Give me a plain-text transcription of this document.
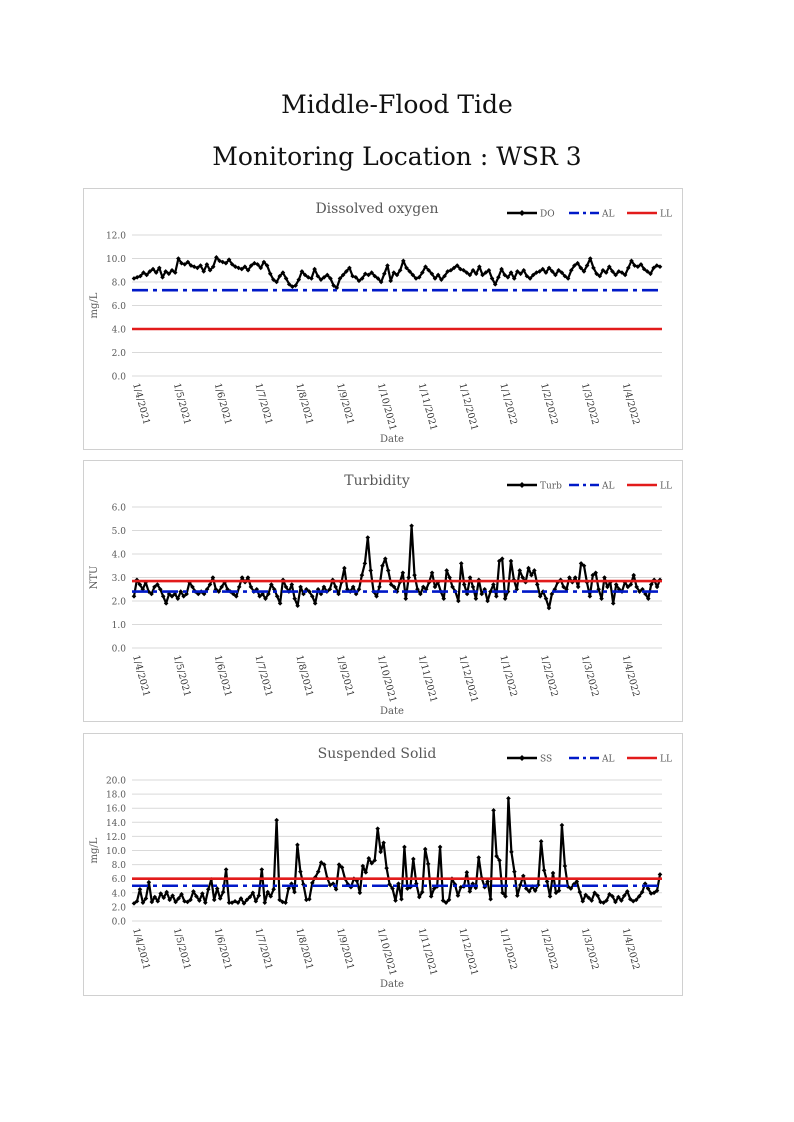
Middle-Flood Tide
Monitoring Location : WSR 3
Dissolved oxygen
0.0
2.0
4.0
6.0
8.0
10.0
12.0
mg/L
1/4/2021 1/5/2021 1/6/2021 1/7/2021 1/8/2021 1/9/2021 1/10/2021 1/11/2021 1/12/2021 1/1/2022 1/2/2022 1/3/2022 1/4/2022
Date
DO	AL	LL
Turbidity
0.0
1.0
2.0
3.0
4.0
5.0
6.0
NTU
1/4/2021 1/5/2021 1/6/2021 1/7/2021 1/8/2021 1/9/2021 1/10/2021 1/11/2021 1/12/2021 1/1/2022 1/2/2022 1/3/2022 1/4/2022
Date
Turb	AL	LL
Suspended Solid
0.0
2.0
4.0
6.0
8.0
10.0
12.0
14.0
16.0
18.0
20.0
mg/L
1/4/2021 1/5/2021 1/6/2021 1/7/2021 1/8/2021 1/9/2021 1/10/2021 1/11/2021 1/12/2021 1/1/2022 1/2/2022 1/3/2022 1/4/2022
Date
SS	AL	LL
